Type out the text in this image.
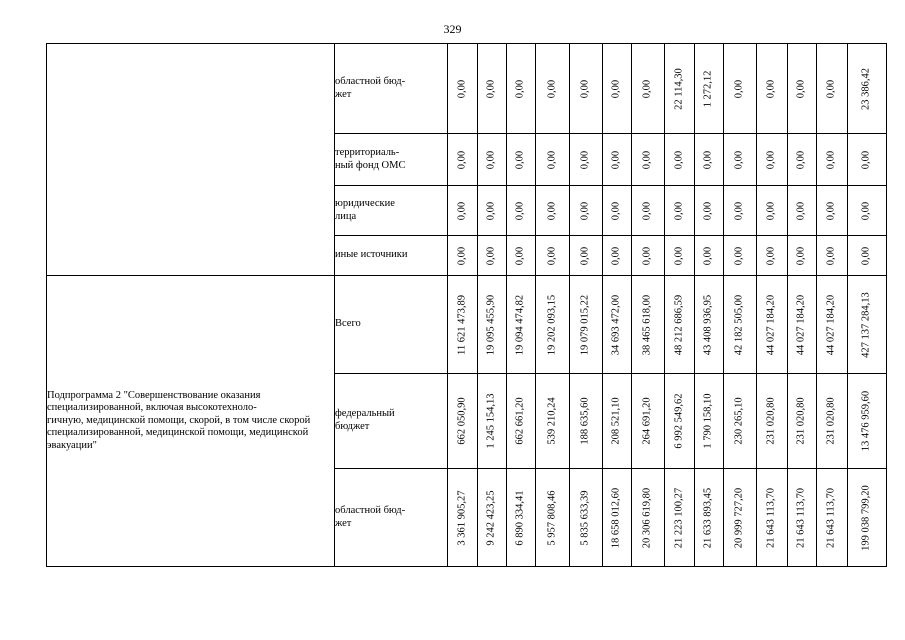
329
	областной бюд-
жет	0,00	0,00	0,00	0,00	0,00	0,00	0,00	22 114,30	1 272,12	0,00	0,00	0,00	0,00	23 386,42

	территориаль-
ный фонд ОМС	0,00	0,00	0,00	0,00	0,00	0,00	0,00	0,00	0,00	0,00	0,00	0,00	0,00	0,00

	юридические
лица	0,00	0,00	0,00	0,00	0,00	0,00	0,00	0,00	0,00	0,00	0,00	0,00	0,00	0,00

	иные источники	0,00	0,00	0,00	0,00	0,00	0,00	0,00	0,00	0,00	0,00	0,00	0,00	0,00	0,00

Подпрограмма 2 "Совершенствование оказания специализированной, включая высокотехноло-
гичную, медицинской помощи, скорой, в том числе скорой специализированной, медицинской помощи, медицинской эвакуации"	Всего	11 621 473,89	19 095 455,90	19 094 474,82	19 202 093,15	19 079 015,22	34 693 472,00	38 465 618,00	48 212 686,59	43 408 936,95	42 182 505,00	44 027 184,20	44 027 184,20	44 027 184,20	427 137 284,13

	федеральный
бюджет	662 050,90	1 245 154,13	662 661,20	539 210,24	188 635,60	208 521,10	264 691,20	6 992 549,62	1 790 158,10	230 265,10	231 020,80	231 020,80	231 020,80	13 476 959,60

	областной бюд-
жет	3 361 905,27	9 242 423,25	6 890 334,41	5 957 808,46	5 835 633,39	18 658 012,60	20 306 619,80	21 223 100,27	21 633 893,45	20 999 727,20	21 643 113,70	21 643 113,70	21 643 113,70	199 038 799,20
